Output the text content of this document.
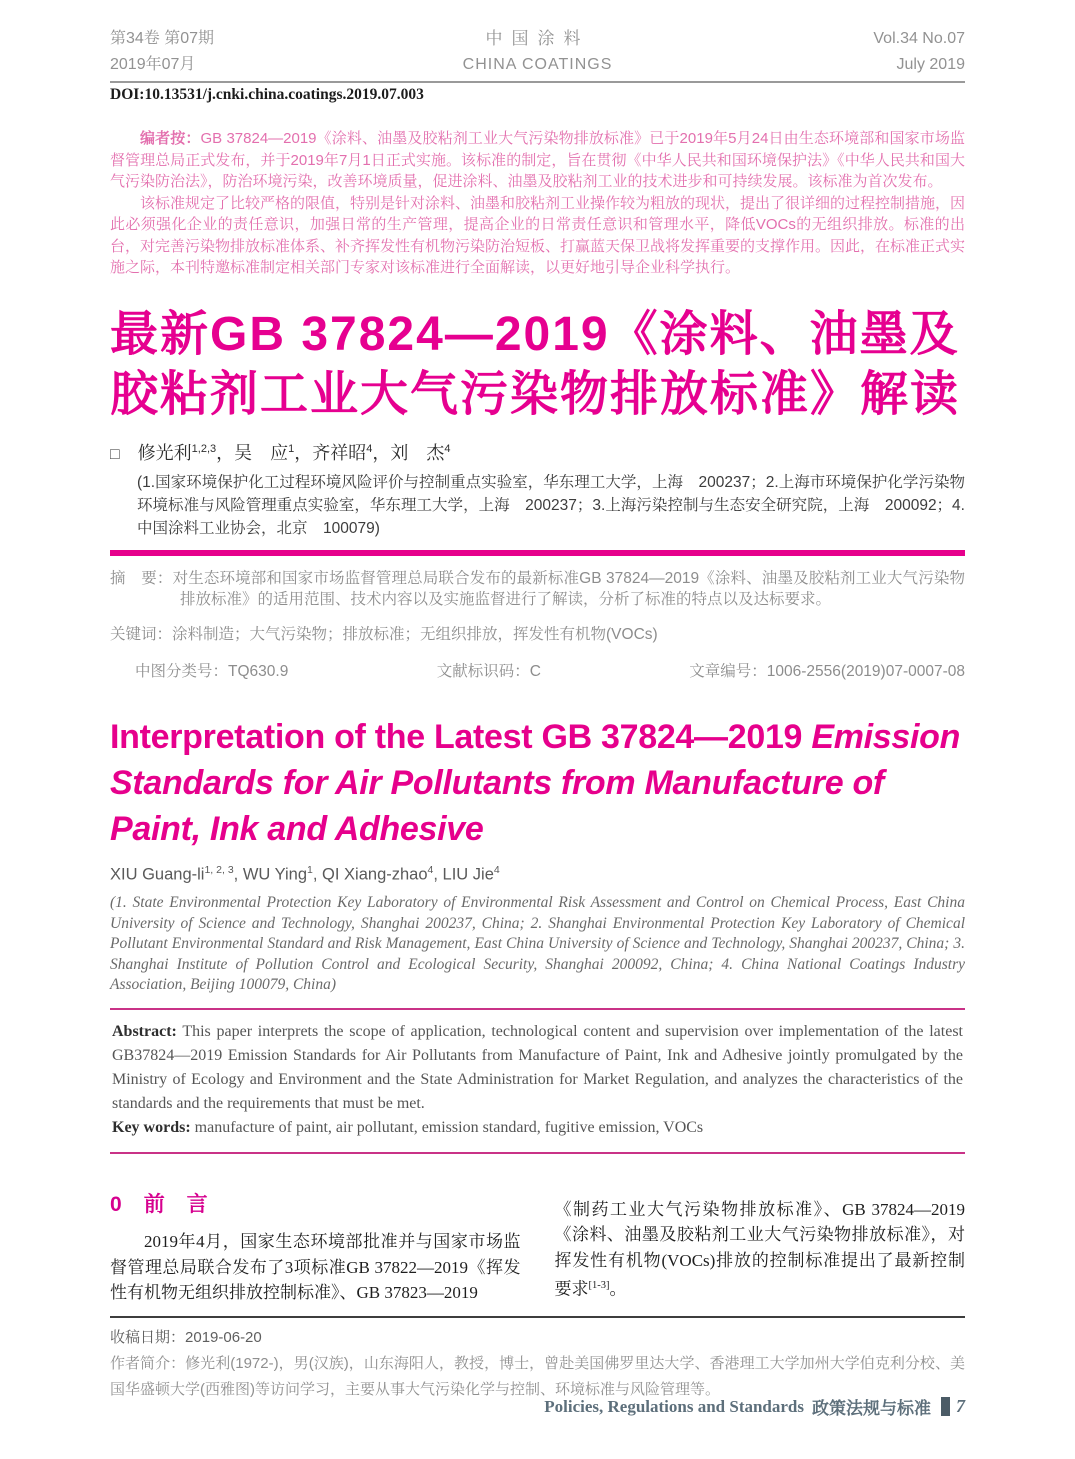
第34卷 第07期
2019年07月
中国涂料
CHINA COATINGS
Vol.34 No.07
July 2019
DOI:10.13531/j.cnki.china.coatings.2019.07.003

编者按：GB 37824—2019《涂料、油墨及胶粘剂工业大气污染物排放标准》已于2019年5月24日由生态环境部和国家市场监督管理总局正式发布，并于2019年7月1日正式实施。该标准的制定，旨在贯彻《中华人民共和国环境保护法》《中华人民共和国大气污染防治法》，防治环境污染，改善环境质量，促进涂料、油墨及胶粘剂工业的技术进步和可持续发展。该标准为首次发布。

该标准规定了比较严格的限值，特别是针对涂料、油墨和胶粘剂工业操作较为粗放的现状，提出了很详细的过程控制措施，因此必须强化企业的责任意识，加强日常的生产管理，提高企业的日常责任意识和管理水平，降低VOCs的无组织排放。标准的出台，对完善污染物排放标准体系、补齐挥发性有机物污染防治短板、打赢蓝天保卫战将发挥重要的支撑作用。因此，在标准正式实施之际，本刊特邀标准制定相关部门专家对该标准进行全面解读，以更好地引导企业科学执行。

最新GB 37824—2019《涂料、油墨及
胶粘剂工业大气污染物排放标准》解读
□ 修光利$^{1,2,3}$，吴　应$^1$，齐祥昭$^4$，刘　杰$^4$

(1.国家环境保护化工过程环境风险评价与控制重点实验室，华东理工大学，上海　200237；2.上海市环境保护化学污染物环境标准与风险管理重点实验室，华东理工大学，上海　200237；3.上海污染控制与生态安全研究院，上海　200092；4.中国涂料工业协会，北京　100079)

摘　要：对生态环境部和国家市场监督管理总局联合发布的最新标准GB 37824—2019《涂料、油墨及胶粘剂工业大气污染物排放标准》的适用范围、技术内容以及实施监督进行了解读，分析了标准的特点以及达标要求。

关键词：涂料制造；大气污染物；排放标准；无组织排放，挥发性有机物(VOCs)

中图分类号：TQ630.9	文献标识码：C	文章编号：1006-2556(2019)07-0007-08
Interpretation of the Latest GB 37824—2019 Emission Standards for Air Pollutants from Manufacture of Paint, Ink and Adhesive
XIU Guang-li$^{1, 2, 3}$, WU Ying$^1$, QI Xiang-zhao$^4$, LIU Jie$^4$

(1. State Environmental Protection Key Laboratory of Environmental Risk Assessment and Control on Chemical Process, East China University of Science and Technology, Shanghai 200237, China; 2. Shanghai Environmental Protection Key Laboratory of Chemical Pollutant Environmental Standard and Risk Management, East China University of Science and Technology, Shanghai 200237, China; 3. Shanghai Institute of Pollution Control and Ecological Security, Shanghai 200092, China; 4. China National Coatings Industry Association, Beijing 100079, China)

Abstract: This paper interprets the scope of application, technological content and supervision over implementation of the latest GB37824—2019 Emission Standards for Air Pollutants from Manufacture of Paint, Ink and Adhesive jointly promulgated by the Ministry of Ecology and Environment and the State Administration for Market Regulation, and analyzes the characteristics of the standards and the requirements that must be met.

Key words: manufacture of paint, air pollutant, emission standard, fugitive emission, VOCs

0 前言

2019年4月，国家生态环境部批准并与国家市场监督管理总局联合发布了3项标准GB 37822—2019《挥发性有机物无组织排放控制标准》、GB 37823—2019

《制药工业大气污染物排放标准》、GB 37824—2019《涂料、油墨及胶粘剂工业大气污染物排放标准》，对挥发性有机物(VOCs)排放的控制标准提出了最新控制要求[1-3]。

收稿日期：2019-06-20

作者简介：修光利(1972-)，男(汉族)，山东海阳人，教授，博士，曾赴美国佛罗里达大学、香港理工大学加州大学伯克利分校、美国华盛顿大学(西雅图)等访问学习，主要从事大气污染化学与控制、环境标准与风险管理等。

Policies, Regulations and Standards 政策法规与标准 7
